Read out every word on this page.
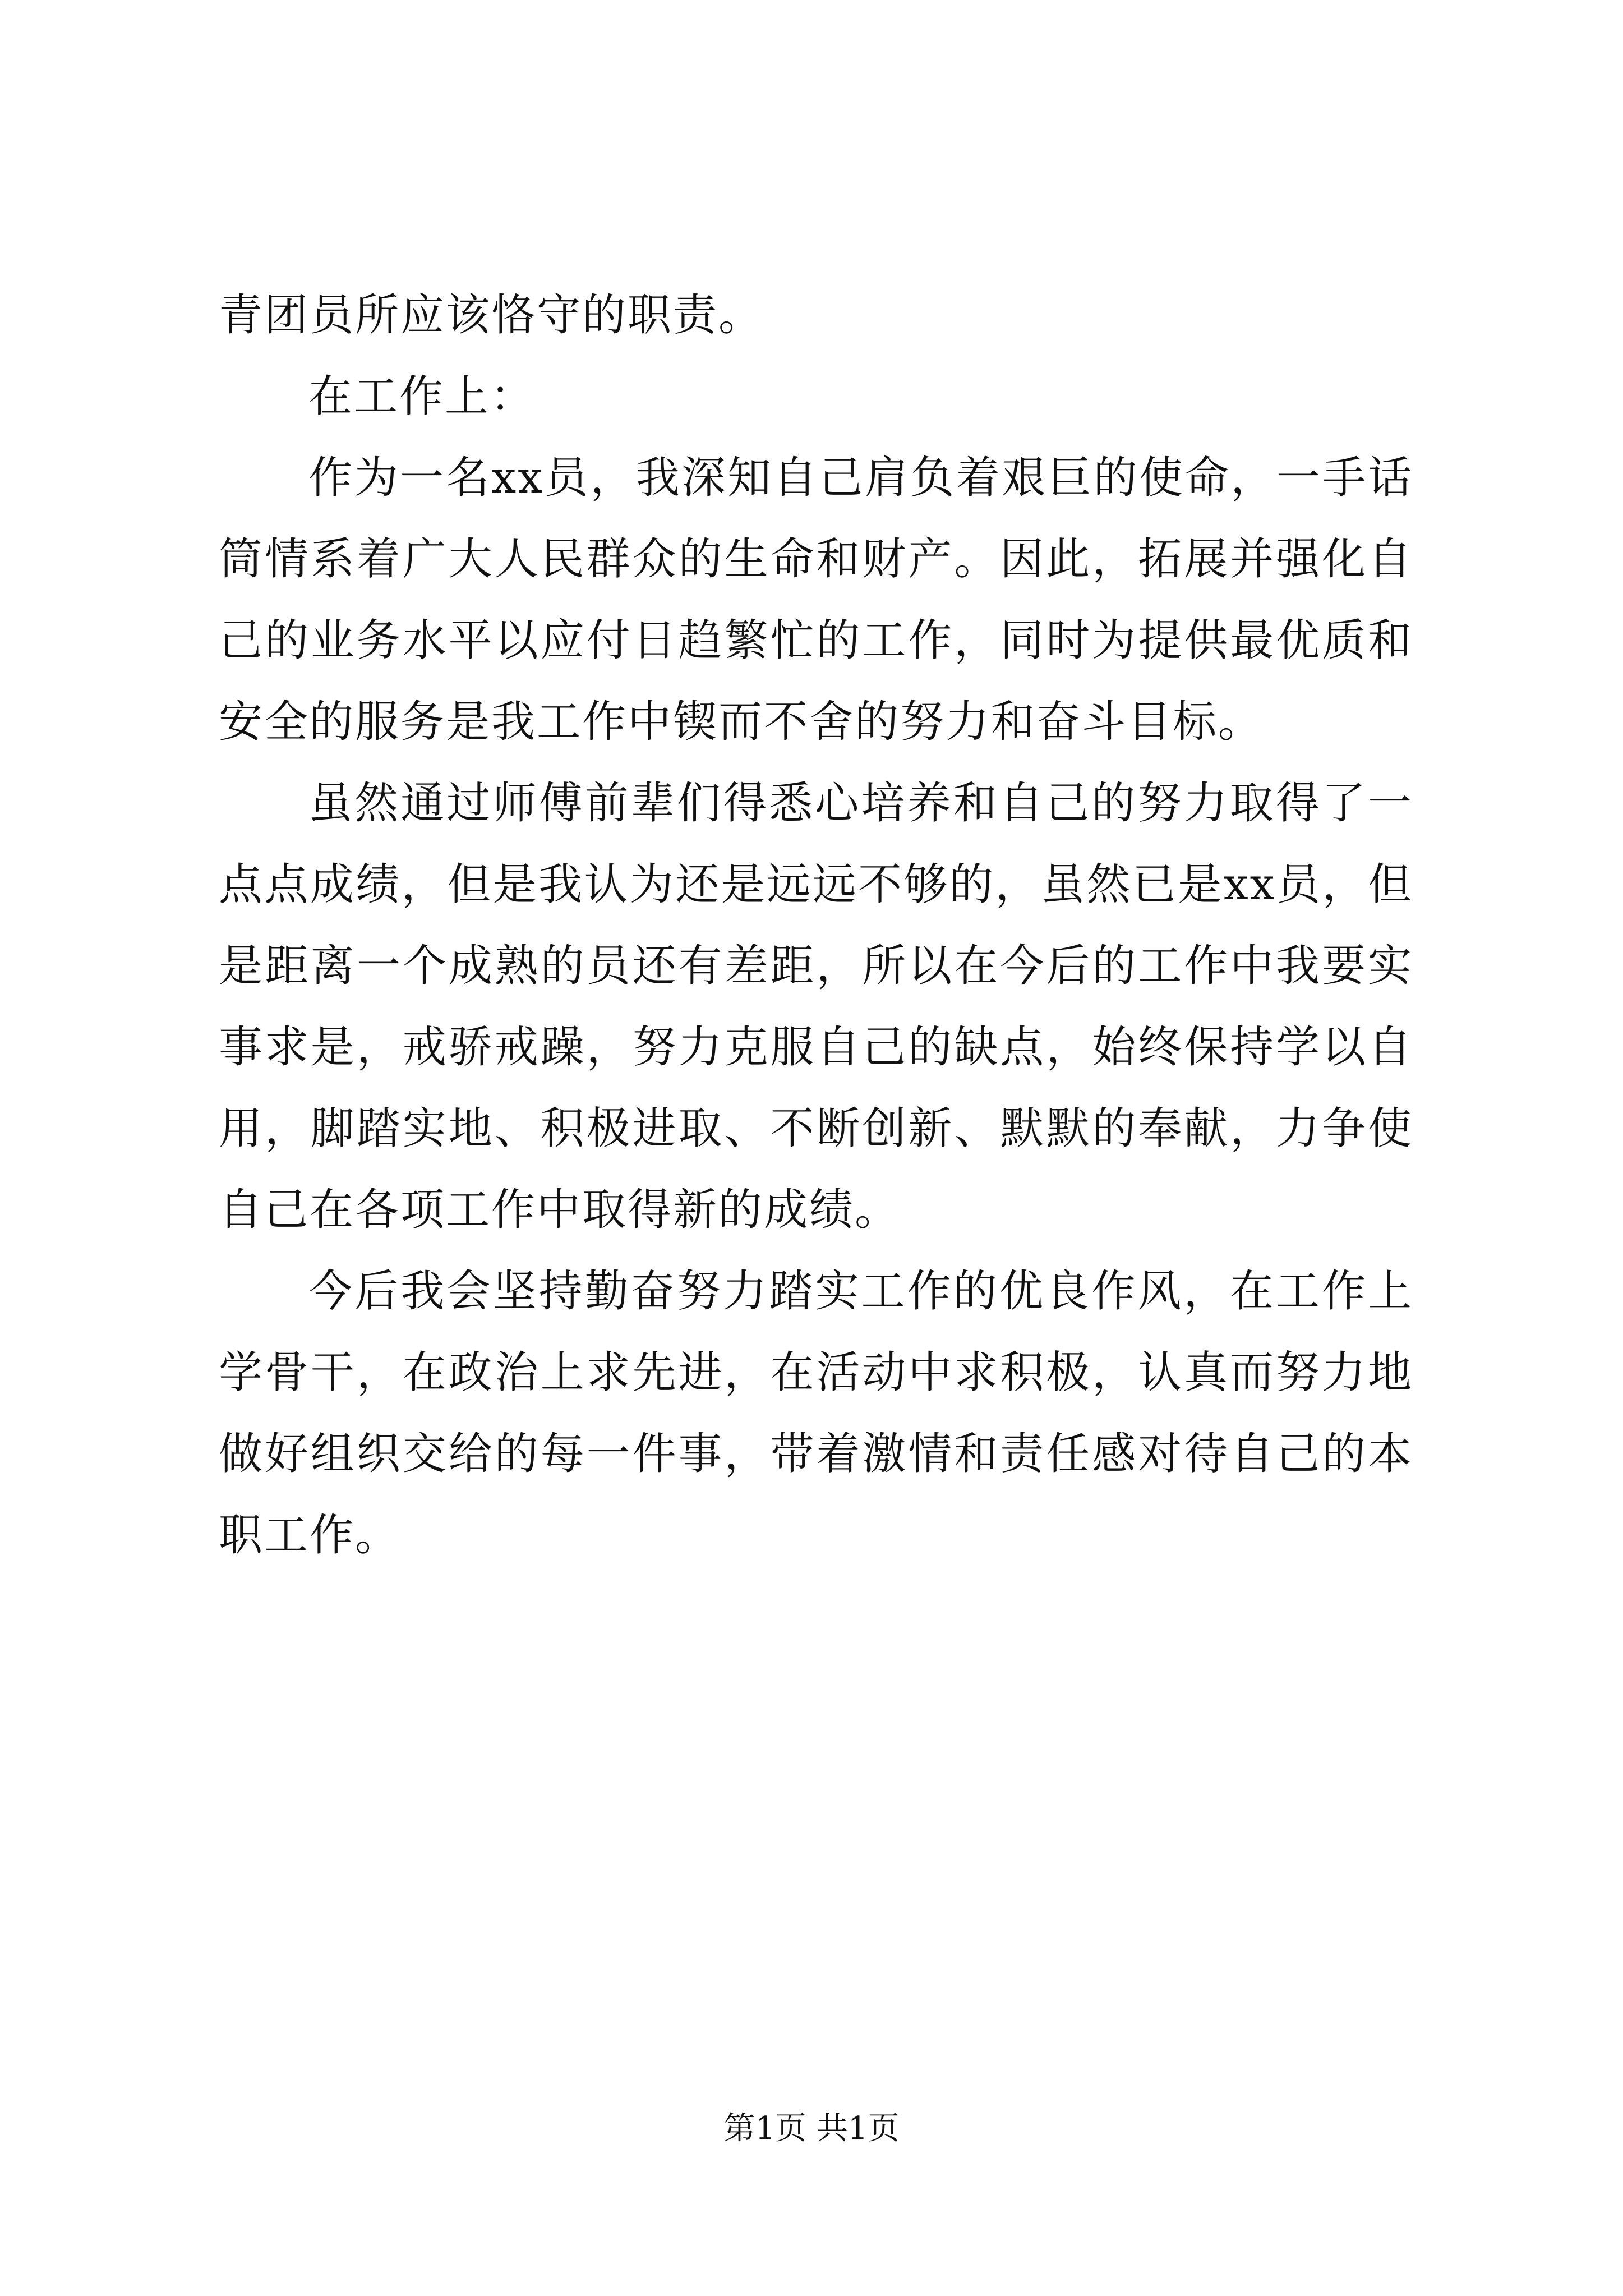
青团员所应该恪守的职责。

在工作上：

作为一名xx员，我深知自己肩负着艰巨的使命，一手话筒情系着广大人民群众的生命和财产。因此，拓展并强化自己的业务水平以应付日趋繁忙的工作，同时为提供最优质和安全的服务是我工作中锲而不舍的努力和奋斗目标。

虽然通过师傅前辈们得悉心培养和自己的努力取得了一点点成绩，但是我认为还是远远不够的，虽然已是xx员，但是距离一个成熟的员还有差距，所以在今后的工作中我要实事求是，戒骄戒躁，努力克服自己的缺点，始终保持学以自用，脚踏实地、积极进取、不断创新、默默的奉献，力争使自己在各项工作中取得新的成绩。

今后我会坚持勤奋努力踏实工作的优良作风，在工作上学骨干，在政治上求先进，在活动中求积极，认真而努力地做好组织交给的每一件事，带着激情和责任感对待自己的本职工作。

第1页 共1页
